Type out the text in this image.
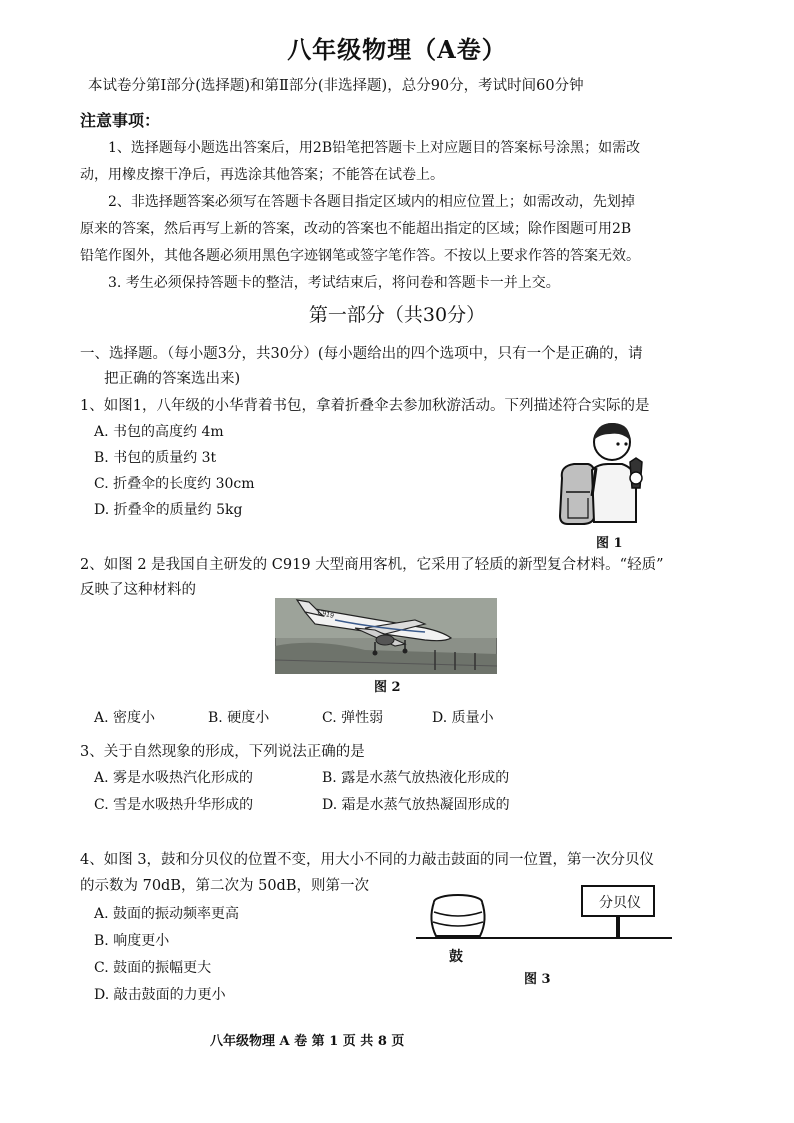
八年级物理（A卷）
本试卷分第Ⅰ部分(选择题)和第Ⅱ部分(非选择题)，总分90分，考试时间60分钟
注意事项：
1、选择题每小题选出答案后，用2B铅笔把答题卡上对应题目的答案标号涂黑；如需改
动，用橡皮擦干净后，再选涂其他答案；不能答在试卷上。
2、非选择题答案必须写在答题卡各题目指定区域内的相应位置上；如需改动，先划掉
原来的答案，然后再写上新的答案，改动的答案也不能超出指定的区域；除作图题可用2B
铅笔作图外，其他各题必须用黑色字迹钢笔或签字笔作答。不按以上要求作答的答案无效。
3. 考生必须保持答题卡的整洁，考试结束后，将问卷和答题卡一并上交。
第一部分（共30分）
一、选择题。（每小题3分，共30分）(每小题给出的四个选项中，只有一个是正确的，请
把正确的答案选出来)
1、如图1，八年级的小华背着书包，拿着折叠伞去参加秋游活动。下列描述符合实际的是
A. 书包的高度约 4m
B. 书包的质量约 3t
C. 折叠伞的长度约 30cm
D. 折叠伞的质量约 5kg
图 1
2、如图 2 是我国自主研发的 C919 大型商用客机，它采用了轻质的新型复合材料。“轻质”
反映了这种材料的
C919
图 2
A. 密度小	B. 硬度小	C. 弹性弱	D. 质量小
3、关于自然现象的形成，下列说法正确的是
A. 雾是水吸热汽化形成的	B. 露是水蒸气放热液化形成的
C. 雪是水吸热升华形成的	D. 霜是水蒸气放热凝固形成的
4、如图 3，鼓和分贝仪的位置不变，用大小不同的力敲击鼓面的同一位置，第一次分贝仪
的示数为 70dB，第二次为 50dB，则第一次
A. 鼓面的振动频率更高
B. 响度更小
C. 鼓面的振幅更大
D. 敲击鼓面的力更小
分贝仪
鼓
图 3
八年级物理 A 卷 第 1 页 共 8 页
